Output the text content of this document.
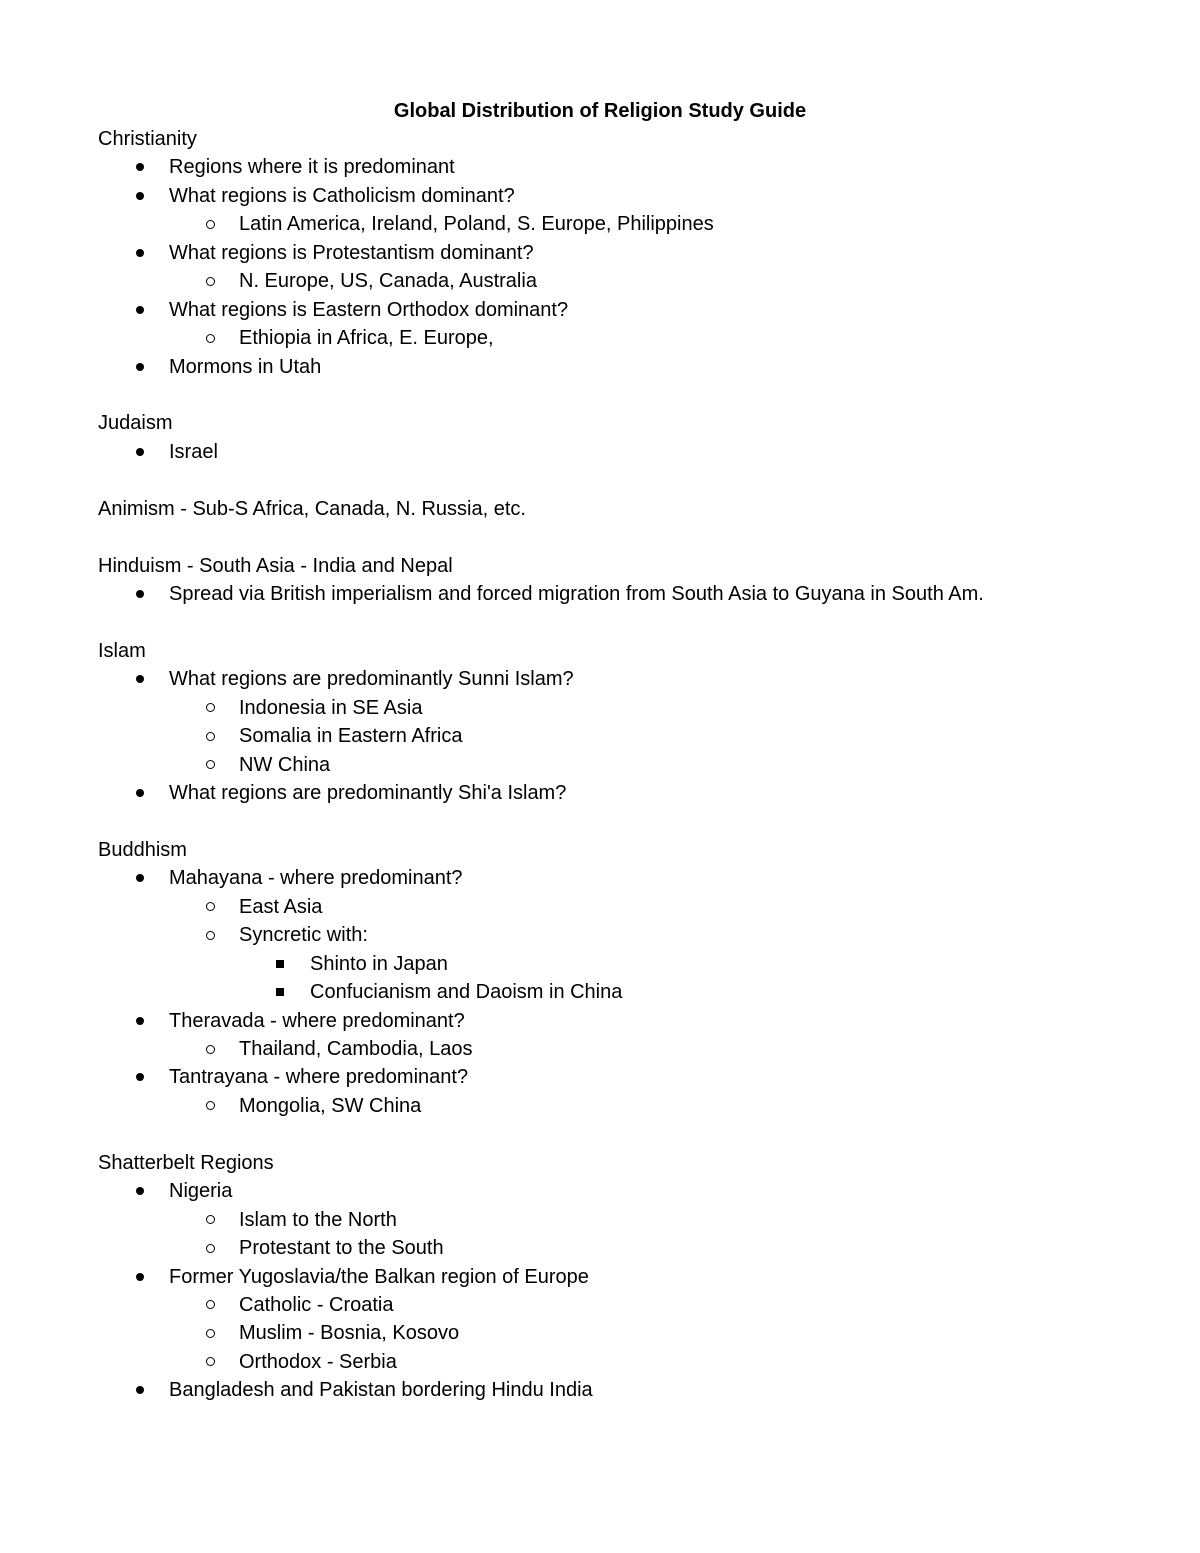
Global Distribution of Religion Study Guide
Christianity
Regions where it is predominant
What regions is Catholicism dominant?
Latin America, Ireland, Poland, S. Europe, Philippines
What regions is Protestantism dominant?
N. Europe, US, Canada, Australia
What regions is Eastern Orthodox dominant?
Ethiopia in Africa, E. Europe,
Mormons in Utah
Judaism
Israel
Animism - Sub-S Africa, Canada, N. Russia, etc.
Hinduism - South Asia - India and Nepal
Spread via British imperialism and forced migration from South Asia to Guyana in South Am.
Islam
What regions are predominantly Sunni Islam?
Indonesia in SE Asia
Somalia in Eastern Africa
NW China
What regions are predominantly Shi'a Islam?
Buddhism
Mahayana - where predominant?
East Asia
Syncretic with:
Shinto in Japan
Confucianism and Daoism in China
Theravada - where predominant?
Thailand, Cambodia, Laos
Tantrayana - where predominant?
Mongolia, SW China
Shatterbelt Regions
Nigeria
Islam to the North
Protestant to the South
Former Yugoslavia/the Balkan region of Europe
Catholic - Croatia
Muslim - Bosnia, Kosovo
Orthodox - Serbia
Bangladesh and Pakistan bordering Hindu India
